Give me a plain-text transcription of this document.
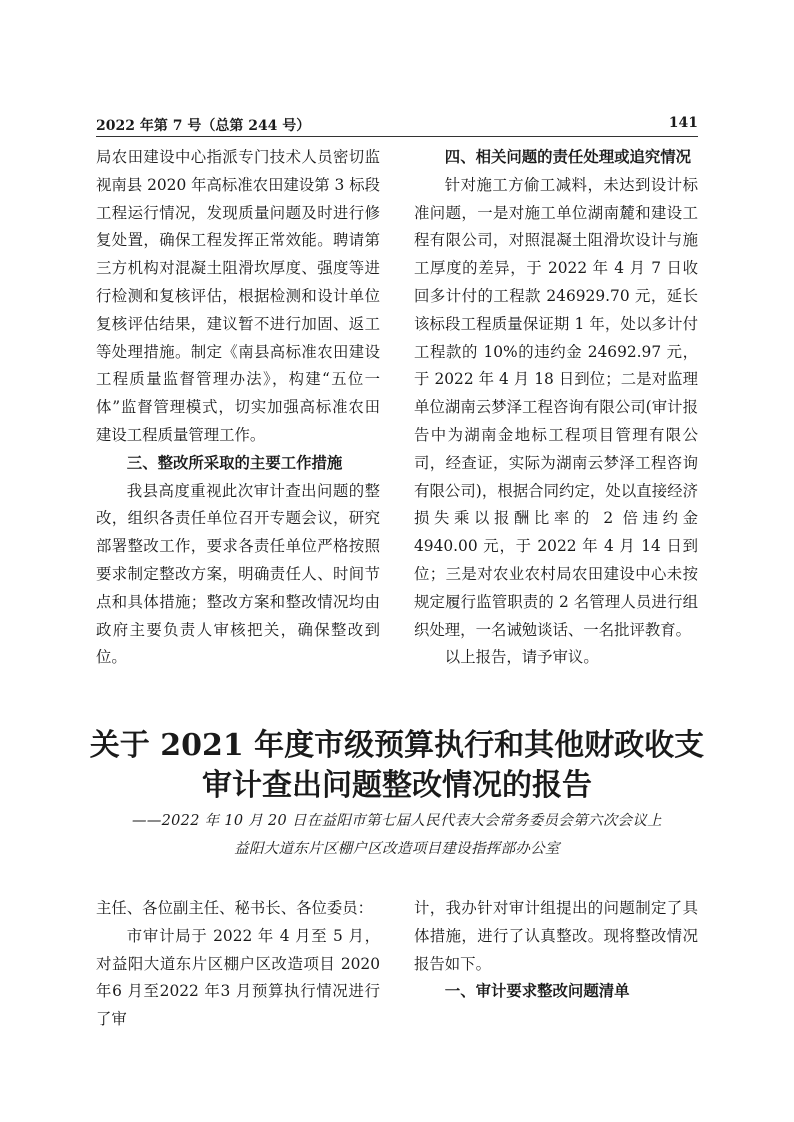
2022 年第 7 号（总第 244 号）	141

局农田建设中心指派专门技术人员密切监视南县 2020 年高标准农田建设第 3 标段工程运行情况，发现质量问题及时进行修复处置，确保工程发挥正常效能。聘请第三方机构对混凝土阻滑坎厚度、强度等进行检测和复核评估，根据检测和设计单位复核评估结果，建议暂不进行加固、返工等处理措施。制定《南县高标准农田建设工程质量监督管理办法》，构建“五位一体”监督管理模式，切实加强高标准农田建设工程质量管理工作。

三、整改所采取的主要工作措施

我县高度重视此次审计查出问题的整改，组织各责任单位召开专题会议，研究部署整改工作，要求各责任单位严格按照要求制定整改方案，明确责任人、时间节点和具体措施；整改方案和整改情况均由政府主要负责人审核把关，确保整改到位。

四、相关问题的责任处理或追究情况

针对施工方偷工减料，未达到设计标准问题，一是对施工单位湖南麓和建设工程有限公司，对照混凝土阻滑坎设计与施工厚度的差异，于 2022 年 4 月 7 日收回多计付的工程款 246929.70 元，延长该标段工程质量保证期 1 年，处以多计付工程款的 10%的违约金 24692.97 元，于 2022 年 4 月 18 日到位；二是对监理单位湖南云梦泽工程咨询有限公司(审计报告中为湖南金地标工程项目管理有限公司，经查证，实际为湖南云梦泽工程咨询有限公司)，根据合同约定，处以直接经济损失乘以报酬比率的 2 倍违约金 4940.00 元，于 2022 年 4 月 14 日到位；三是对农业农村局农田建设中心未按规定履行监管职责的 2 名管理人员进行组织处理，一名诫勉谈话、一名批评教育。

以上报告，请予审议。

关于 2021 年度市级预算执行和其他财政收支
审计查出问题整改情况的报告
——2022 年 10 月 20 日在益阳市第七届人民代表大会常务委员会第六次会议上
益阳大道东片区棚户区改造项目建设指挥部办公室

主任、各位副主任、秘书长、各位委员：

市审计局于 2022 年 4 月至 5 月，对益阳大道东片区棚户区改造项目 2020 年6 月至2022 年3 月预算执行情况进行了审

计，我办针对审计组提出的问题制定了具体措施，进行了认真整改。现将整改情况报告如下。

一、审计要求整改问题清单
